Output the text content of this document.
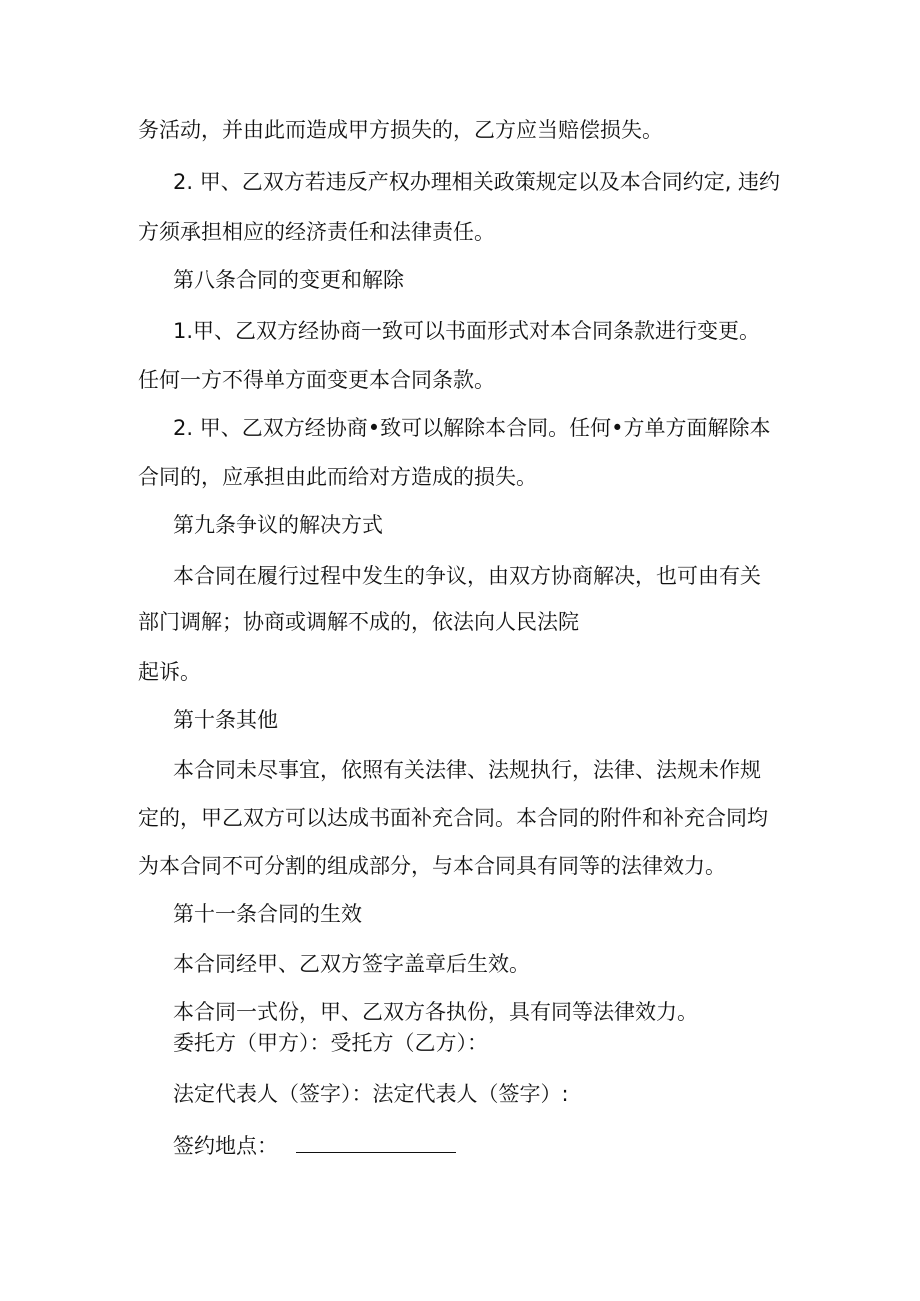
务活动，并由此而造成甲方损失的，乙方应当赔偿损失。
2. 甲、乙双方若违反产权办理相关政策规定以及本合同约定, 违约
方须承担相应的经济责任和法律责任。
第八条合同的变更和解除
1.甲、乙双方经协商一致可以书面形式对本合同条款进行变更。
任何一方不得单方面变更本合同条款。
2. 甲、乙双方经协商•致可以解除本合同。任何•方单方面解除本
合同的，应承担由此而给对方造成的损失。
第九条争议的解决方式
本合同在履行过程中发生的争议，由双方协商解决，也可由有关
部门调解；协商或调解不成的，依法向人民法院
起诉。
第十条其他
本合同未尽事宜，依照有关法律、法规执行，法律、法规未作规
定的，甲乙双方可以达成书面补充合同。本合同的附件和补充合同均
为本合同不可分割的组成部分，与本合同具有同等的法律效力。
第十一条合同的生效
本合同经甲、乙双方签字盖章后生效。
本合同一式份，甲、乙双方各执份，具有同等法律效力。
委托方（甲方）：受托方（乙方）：
法定代表人（签字）：法定代表人（签字）:
签约地点：
